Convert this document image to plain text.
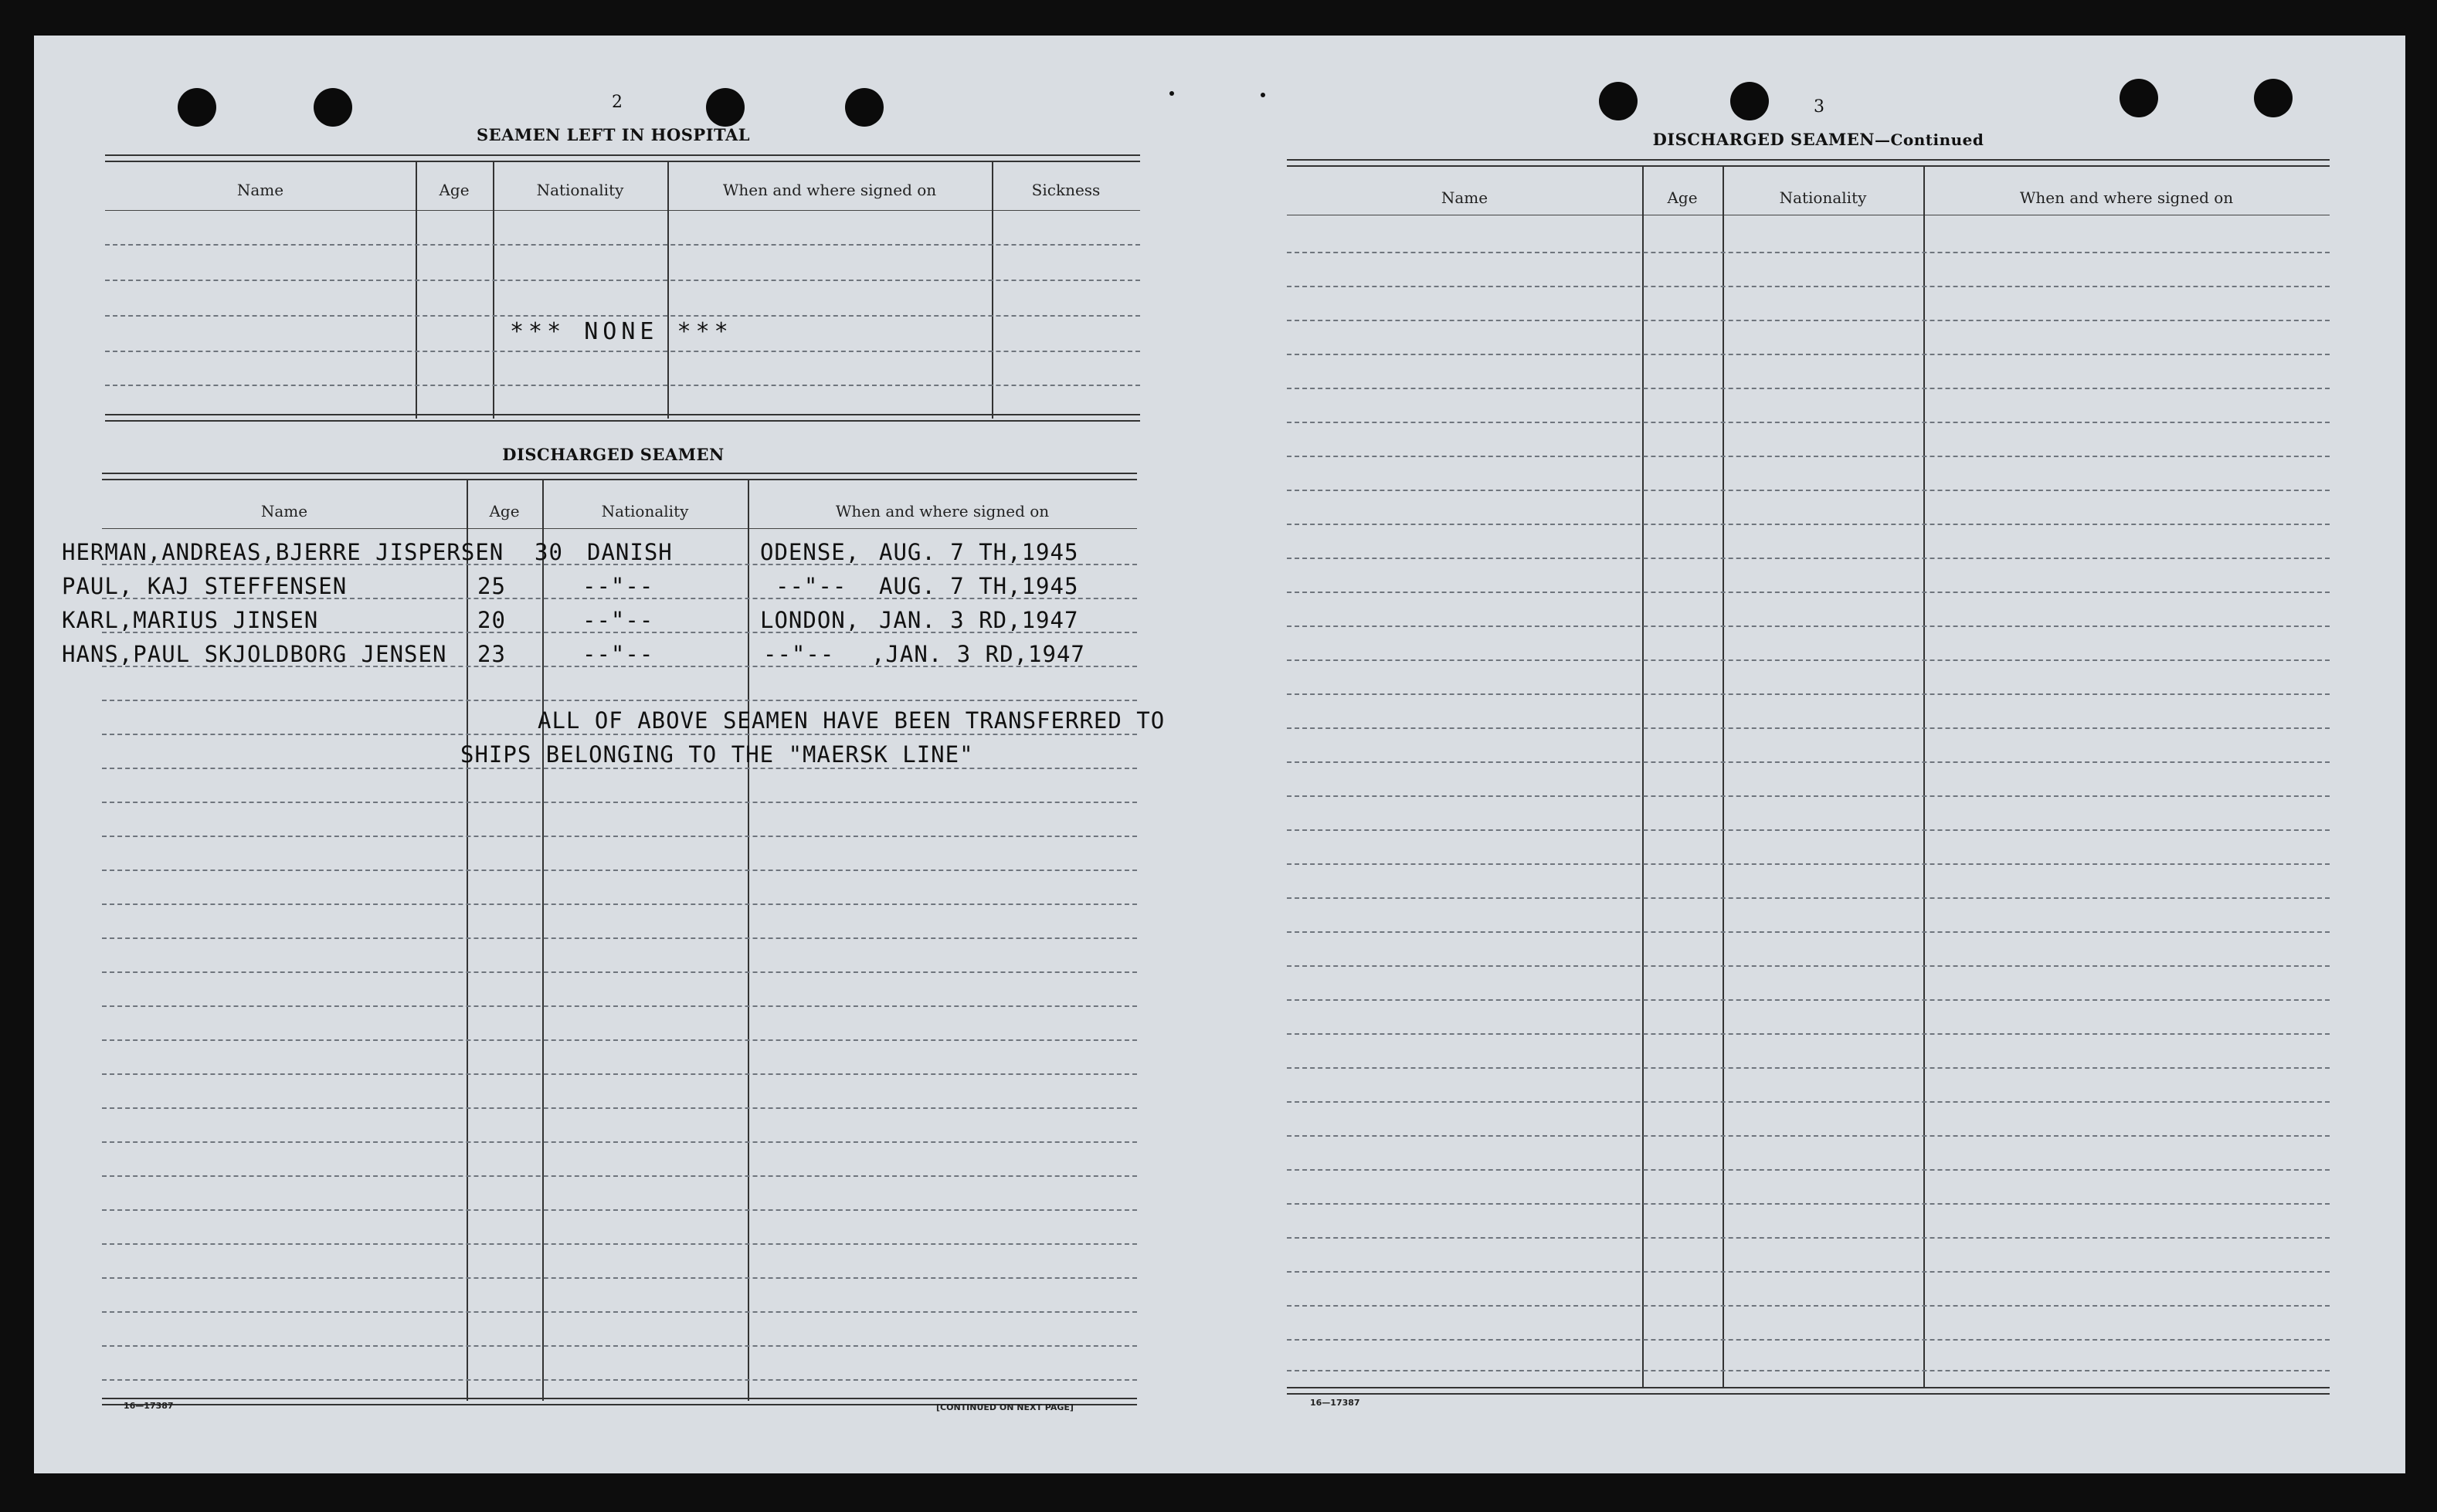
2
SEAMEN LEFT IN HOSPITAL
Name	Age	Nationality	When and where signed on	Sickness
*** NONE ***
DISCHARGED SEAMEN
Name	Age	Nationality	When and where signed on
HERMAN,ANDREAS,BJERRE JISPERSEN 30 DANISH	ODENSE, AUG. 7 TH,1945
PAUL, KAJ STEFFENSEN	25	--"--	--"-- AUG. 7 TH,1945
KARL,MARIUS JINSEN	20	--"--	LONDON, JAN. 3 RD,1947
HANS,PAUL SKJOLDBORG JENSEN 23	--"--	--"-- ,JAN. 3 RD,1947
ALL OF ABOVE SEAMEN HAVE BEEN TRANSFERRED TO
SHIPS BELONGING TO THE "MAERSK LINE"
16—17387	[CONTINUED ON NEXT PAGE]
3
DISCHARGED SEAMEN—Continued
Name	Age	Nationality	When and where signed on
16—17387
